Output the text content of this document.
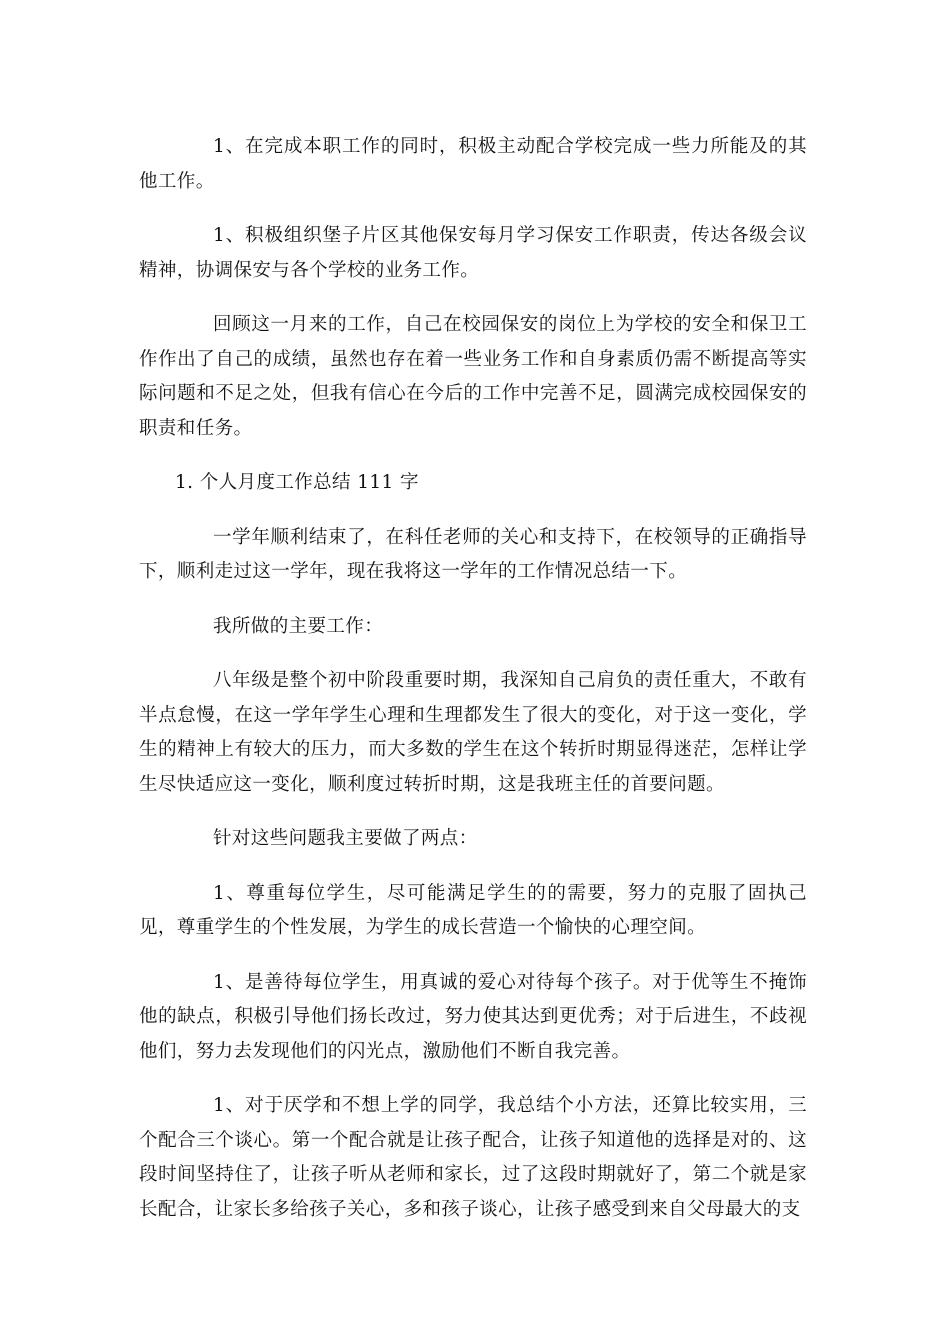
1、在完成本职工作的同时，积极主动配合学校完成一些力所能及的其他工作。

1、积极组织堡子片区其他保安每月学习保安工作职责，传达各级会议精神，协调保安与各个学校的业务工作。

回顾这一月来的工作，自己在校园保安的岗位上为学校的安全和保卫工作作出了自己的成绩，虽然也存在着一些业务工作和自身素质仍需不断提高等实际问题和不足之处，但我有信心在今后的工作中完善不足，圆满完成校园保安的职责和任务。

1. 个人月度工作总结 111 字

一学年顺利结束了，在科任老师的关心和支持下，在校领导的正确指导下，顺利走过这一学年，现在我将这一学年的工作情况总结一下。

我所做的主要工作：

八年级是整个初中阶段重要时期，我深知自己肩负的责任重大，不敢有半点怠慢，在这一学年学生心理和生理都发生了很大的变化，对于这一变化，学生的精神上有较大的压力，而大多数的学生在这个转折时期显得迷茫，怎样让学生尽快适应这一变化，顺利度过转折时期，这是我班主任的首要问题。

针对这些问题我主要做了两点：

1、尊重每位学生，尽可能满足学生的的需要，努力的克服了固执己见，尊重学生的个性发展，为学生的成长营造一个愉快的心理空间。

1、是善待每位学生，用真诚的爱心对待每个孩子。对于优等生不掩饰他的缺点，积极引导他们扬长改过，努力使其达到更优秀；对于后进生，不歧视他们，努力去发现他们的闪光点，激励他们不断自我完善。

1、对于厌学和不想上学的同学，我总结个小方法，还算比较实用，三个配合三个谈心。第一个配合就是让孩子配合，让孩子知道他的选择是对的、这段时间坚持住了，让孩子听从老师和家长，过了这段时期就好了，第二个就是家长配合，让家长多给孩子关心，多和孩子谈心，让孩子感受到来自父母最大的支
